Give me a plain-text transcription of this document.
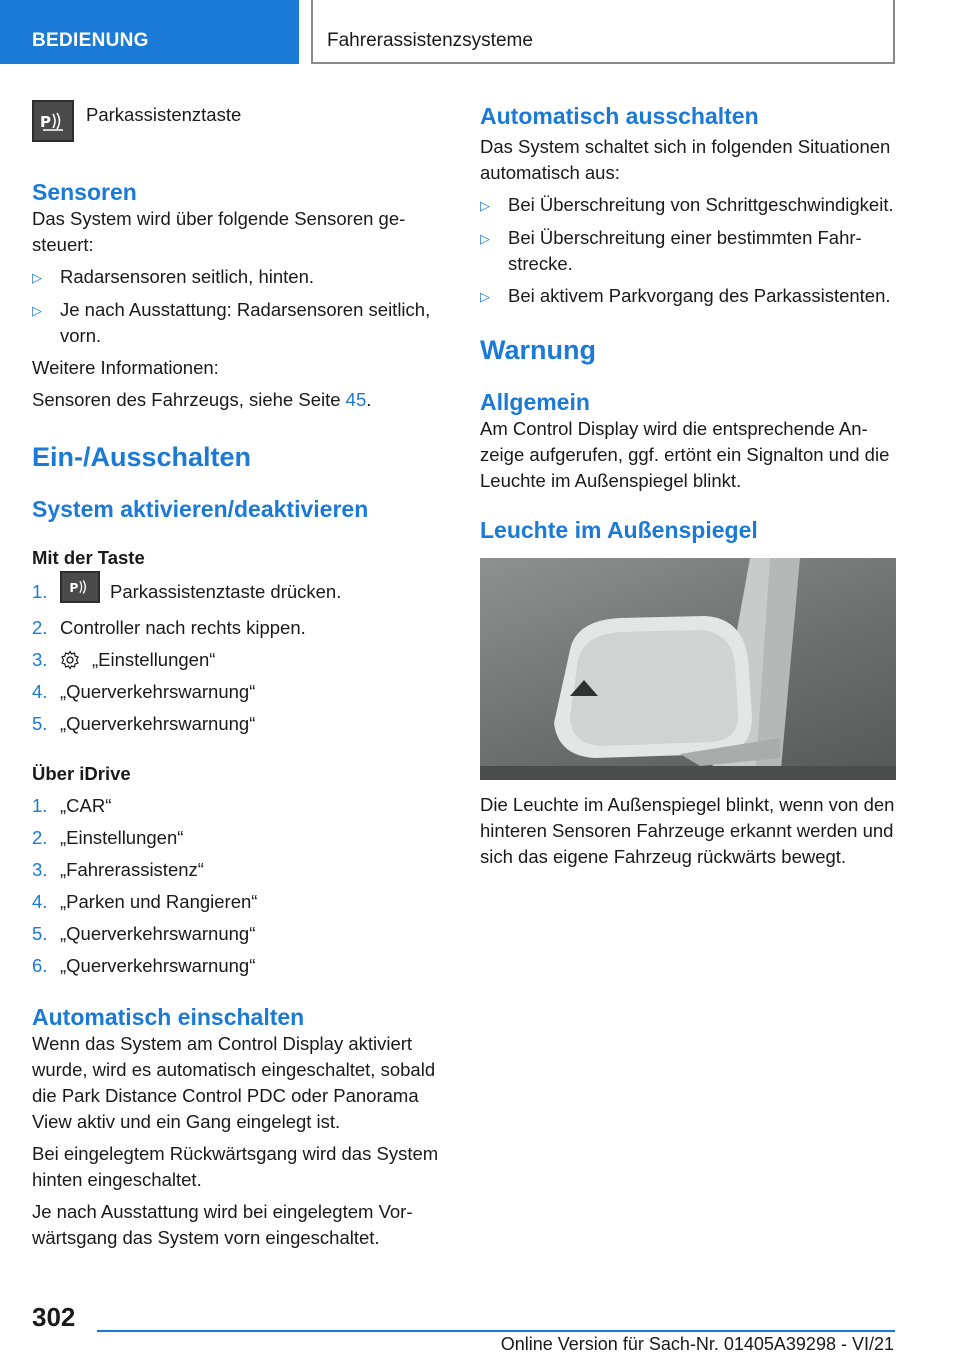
BEDIENUNG	Fahrerassistenzsysteme
P Parkassistenztaste
Sensoren

Das System wird über folgende Sensoren gesteuert:

▷ Radarsensoren seitlich, hinten.
▷ Je nach Ausstattung: Radarsensoren seitlich, vorn.

Weitere Informationen:

Sensoren des Fahrzeugs, siehe Seite 45.

Ein-/Ausschalten
System aktivieren/deaktivieren
Mit der Taste
1.	P Parkassistenztaste drücken.
2. Controller nach rechts kippen.
3.	„Einstellungen“
4. „Querverkehrswarnung“
5. „Querverkehrswarnung“
Über iDrive
1. „CAR“
2. „Einstellungen“
3. „Fahrerassistenz“
4. „Parken und Rangieren“
5. „Querverkehrswarnung“
6. „Querverkehrswarnung“
Automatisch einschalten

Wenn das System am Control Display aktiviert wurde, wird es automatisch eingeschaltet, sobald die Park Distance Control PDC oder Panorama View aktiv und ein Gang eingelegt ist.

Bei eingelegtem Rückwärtsgang wird das System hinten eingeschaltet.

Je nach Ausstattung wird bei eingelegtem Vorwärtsgang das System vorn eingeschaltet.

Automatisch ausschalten

Das System schaltet sich in folgenden Situationen automatisch aus:

▷ Bei Überschreitung von Schrittgeschwindigkeit.
▷ Bei Überschreitung einer bestimmten Fahrstrecke.
▷ Bei aktivem Parkvorgang des Parkassistenten.
Warnung
Allgemein

Am Control Display wird die entsprechende Anzeige aufgerufen, ggf. ertönt ein Signalton und die Leuchte im Außenspiegel blinkt.

Leuchte im Außenspiegel

Die Leuchte im Außenspiegel blinkt, wenn von den hinteren Sensoren Fahrzeuge erkannt werden und sich das eigene Fahrzeug rückwärts bewegt.

302
Online Version für Sach-Nr. 01405A39298 - VI/21
